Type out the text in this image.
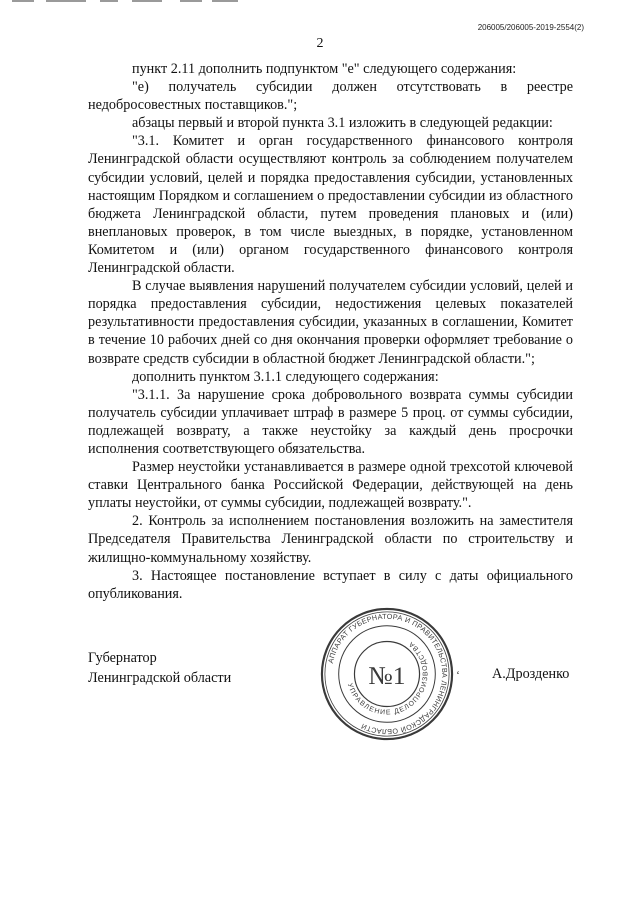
206005/206005-2019-2554(2)
2

пункт 2.11 дополнить подпунктом "е" следующего содержания:

"е) получатель субсидии должен отсутствовать в реестре недобросовестных поставщиков.";

абзацы первый и второй пункта 3.1 изложить в следующей редакции:

"3.1. Комитет и орган государственного финансового контроля Ленинградской области осуществляют контроль за соблюдением получателем субсидии условий, целей и порядка предоставления субсидии, установленных настоящим Порядком и соглашением о предоставлении субсидии из областного бюджета Ленинградской области, путем проведения плановых и (или) внеплановых проверок, в том числе выездных, в порядке, установленном Комитетом и (или) органом государственного финансового контроля Ленинградской области.

В случае выявления нарушений получателем субсидии условий, целей и порядка предоставления субсидии, недостижения целевых показателей результативности предоставления субсидии, указанных в соглашении, Комитет в течение 10 рабочих дней со дня окончания проверки оформляет требование о возврате средств субсидии в областной бюджет Ленинградской области.";

дополнить пунктом 3.1.1 следующего содержания:

"3.1.1. За нарушение срока добровольного возврата суммы субсидии получатель субсидии уплачивает штраф в размере 5 проц. от суммы субсидии, подлежащей возврату, а также неустойку за каждый день просрочки исполнения соответствующего обязательства.

Размер неустойки устанавливается в размере одной трехсотой ключевой ставки Центрального банка Российской Федерации, действующей на день уплаты неустойки, от суммы субсидии, подлежащей возврату.".

2. Контроль за исполнением постановления возложить на заместителя Председателя Правительства Ленинградской области по строительству и жилищно-коммунальному хозяйству.

3. Настоящее постановление вступает в силу с даты официального опубликования.

Губернатор
Ленинградской области
АППАРАТ ГУБЕРНАТОРА И ПРАВИТЕЛЬСТВА ЛЕНИНГРАДСКОЙ ОБЛАСТИ
УПРАВЛЕНИЕ ДЕЛОПРОИЗВОДСТВА
№1	ʻ А.Дрозденко
